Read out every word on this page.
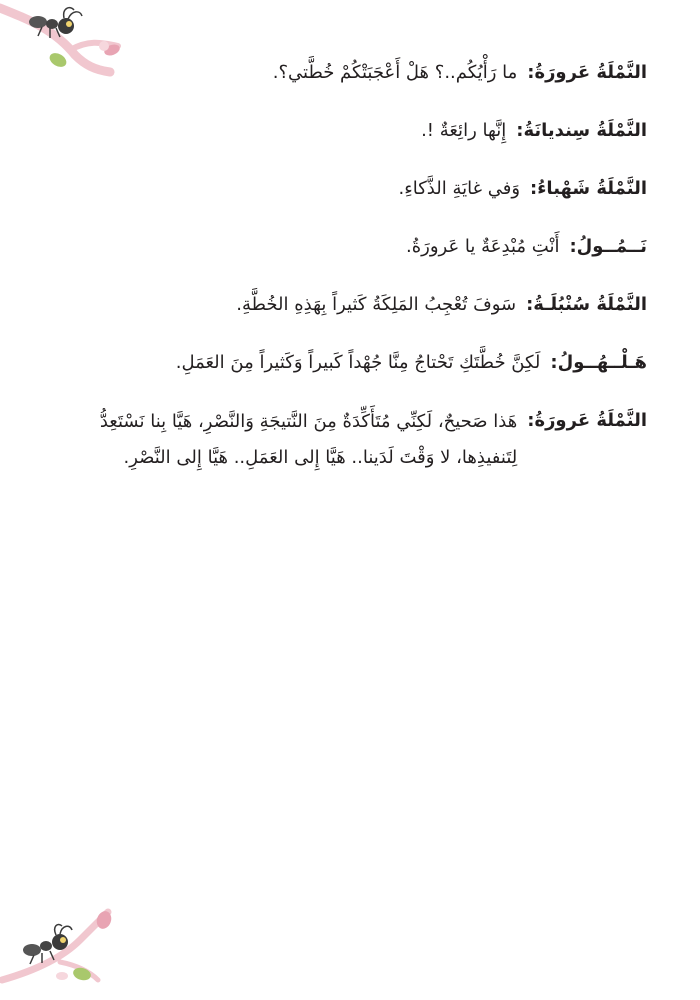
النَّمْلَةُ عَرورَةُ:
ما رَأْيُكُم..؟ هَلْ أَعْجَبَتْكُمْ خُطَّتي؟.
النَّمْلَةُ سِنديانَةُ:
إِنَّها رائِعَةٌ !.
النَّمْلَةُ شَهْباءُ:
وَفي غايَةِ الذَّكاءِ.
نَــمُــولُ:
أَنْتِ مُبْدِعَةٌ يا عَرورَةُ.
النَّمْلَةُ سُنْبُلَـةُ:
سَوفَ تُعْجِبُ المَلِكَةُ كَثيراً بِهَذِهِ الخُطَّةِ.
هَـلْــهُــولُ:
لَكِنَّ خُطَّتَكِ تَحْتاجُ مِنَّا جُهْداً كَبيراً وَكَثيراً مِنَ العَمَلِ.
النَّمْلَةُ عَرورَةُ:
هَذا صَحيحٌ، لَكِنِّي مُتَأَكِّدَةٌ مِنَ النَّتيجَةِ وَالنَّصْرِ، هَيَّا بِنا نَسْتَعِدُّ
لِتَنفيذِها، لا وَقْتَ لَدَينا.. هَيَّا إِلى العَمَلِ.. هَيَّا إِلى النَّصْرِ.
